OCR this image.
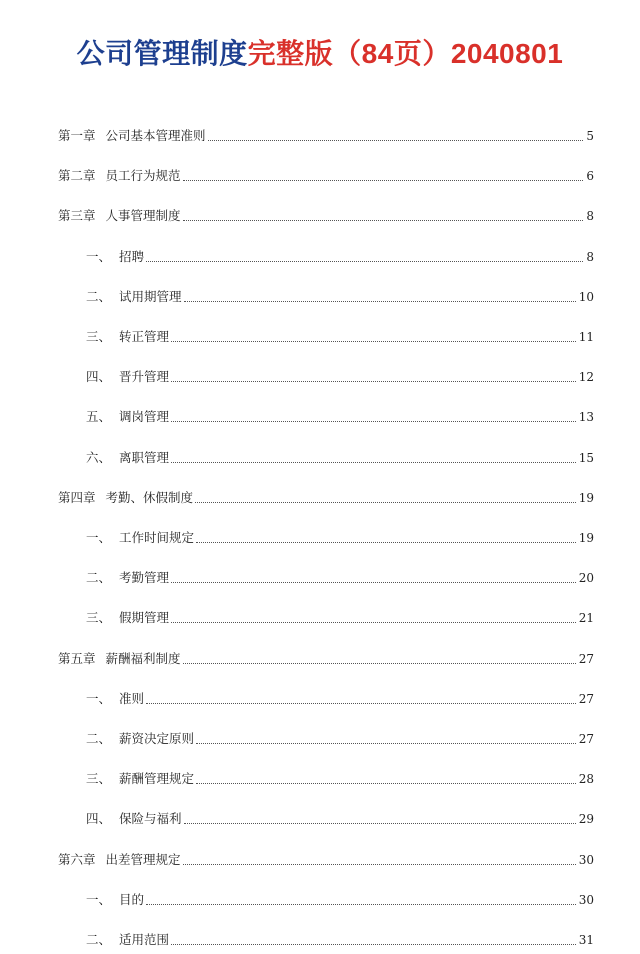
公司管理制度完整版（84页）2040801
第一章 公司基本管理准则	5
第二章 员工行为规范	6
第三章 人事管理制度	8
一、 招聘	8
二、 试用期管理	10
三、 转正管理	11
四、 晋升管理	12
五、 调岗管理	13
六、 离职管理	15
第四章 考勤、休假制度	19
一、 工作时间规定	19
二、 考勤管理	20
三、 假期管理	21
第五章 薪酬福利制度	27
一、 准则	27
二、 薪资决定原则	27
三、 薪酬管理规定	28
四、 保险与福利	29
第六章 出差管理规定	30
一、 目的	30
二、 适用范围	31
